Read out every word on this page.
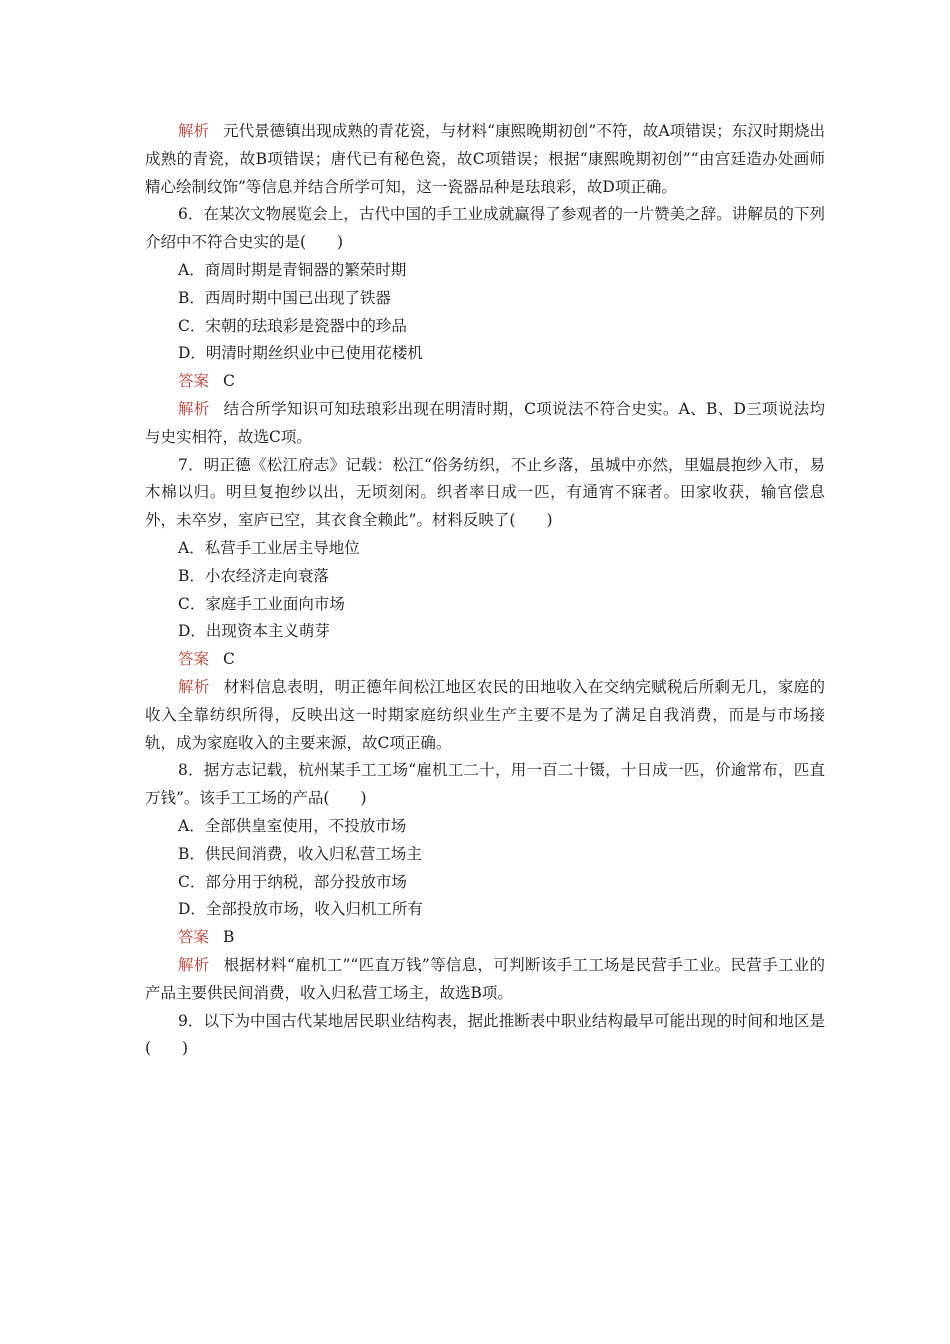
解析 元代景德镇出现成熟的青花瓷，与材料“康熙晚期初创”不符，故A项错误；东汉时期烧出成熟的青瓷，故B项错误；唐代已有秘色瓷，故C项错误；根据“康熙晚期初创”“由宫廷造办处画师精心绘制纹饰”等信息并结合所学可知，这一瓷器品种是珐琅彩，故D项正确。

6．在某次文物展览会上，古代中国的手工业成就赢得了参观者的一片赞美之辞。讲解员的下列介绍中不符合史实的是(　　)

A．商周时期是青铜器的繁荣时期

B．西周时期中国已出现了铁器

C．宋朝的珐琅彩是瓷器中的珍品

D．明清时期丝织业中已使用花楼机

答案 C

解析 结合所学知识可知珐琅彩出现在明清时期，C项说法不符合史实。A、B、D三项说法均与史实相符，故选C项。

7．明正德《松江府志》记载：松江“俗务纺织，不止乡落，虽城中亦然，里媪晨抱纱入市，易木棉以归。明旦复抱纱以出，无顷刻闲。织者率日成一匹，有通宵不寐者。田家收获，输官偿息外，未卒岁，室庐已空，其衣食全赖此”。材料反映了(　　)

A．私营手工业居主导地位

B．小农经济走向衰落

C．家庭手工业面向市场

D．出现资本主义萌芽

答案 C

解析 材料信息表明，明正德年间松江地区农民的田地收入在交纳完赋税后所剩无几，家庭的收入全靠纺织所得，反映出这一时期家庭纺织业生产主要不是为了满足自我消费，而是与市场接轨，成为家庭收入的主要来源，故C项正确。

8．据方志记载，杭州某手工工场“雇机工二十，用一百二十镊，十日成一匹，价逾常布，匹直万钱”。该手工工场的产品(　　)

A．全部供皇室使用，不投放市场

B．供民间消费，收入归私营工场主

C．部分用于纳税，部分投放市场

D．全部投放市场，收入归机工所有

答案 B

解析 根据材料“雇机工”“匹直万钱”等信息，可判断该手工工场是民营手工业。民营手工业的产品主要供民间消费，收入归私营工场主，故选B项。

9．以下为中国古代某地居民职业结构表，据此推断表中职业结构最早可能出现的时间和地区是(　　)
